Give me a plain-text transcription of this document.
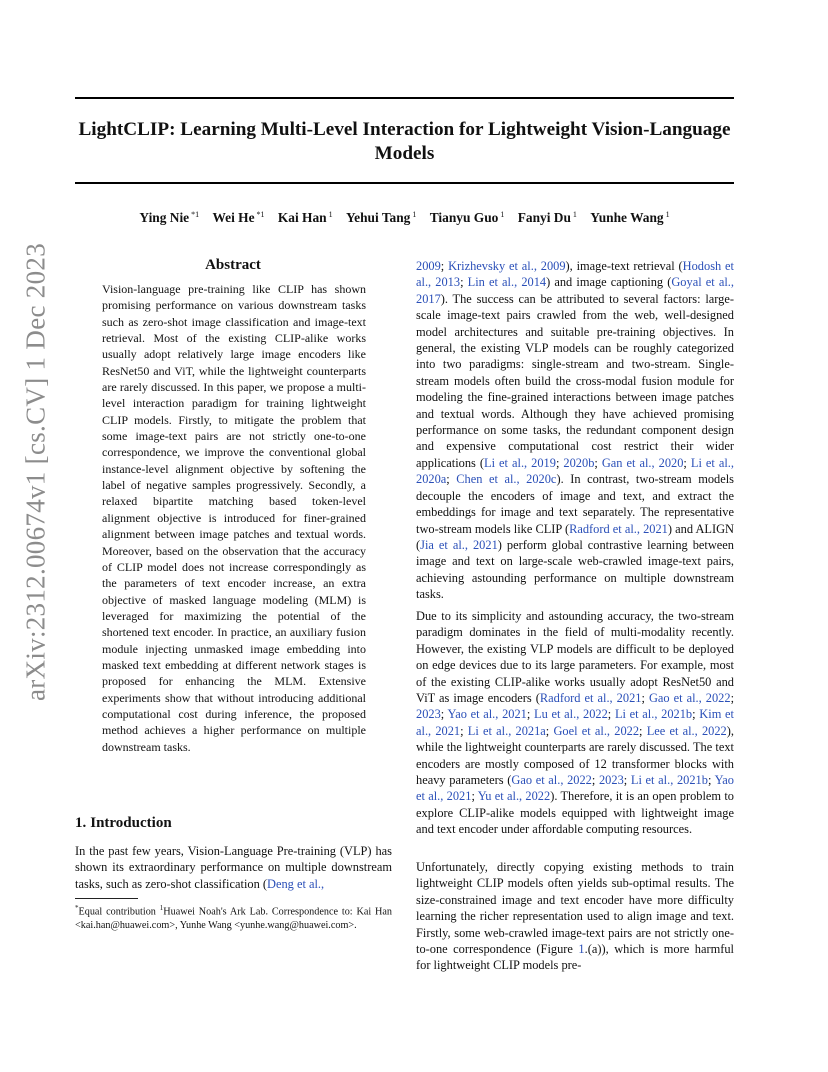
LightCLIP: Learning Multi-Level Interaction for Lightweight Vision-Language Models
Ying Nie $^{*1}$ Wei He $^{*1}$ Kai Han $^1$ Yehui Tang $^1$ Tianyu Guo $^1$ Fanyi Du $^1$ Yunhe Wang $^1$
arXiv:2312.00674v1 [cs.CV] 1 Dec 2023	Abstract

Vision-language pre-training like CLIP has shown promising performance on various downstream tasks such as zero-shot image classification and image-text retrieval. Most of the existing CLIP-alike works usually adopt relatively large image encoders like ResNet50 and ViT, while the lightweight counterparts are rarely discussed. In this paper, we propose a multi-level interaction paradigm for training lightweight CLIP models. Firstly, to mitigate the problem that some image-text pairs are not strictly one-to-one correspondence, we improve the conventional global instance-level alignment objective by softening the label of negative samples progressively. Secondly, a relaxed bipartite matching based token-level alignment objective is introduced for finer-grained alignment between image patches and textual words. Moreover, based on the observation that the accuracy of CLIP model does not increase correspondingly as the parameters of text encoder increase, an extra objective of masked language modeling (MLM) is leveraged for maximizing the potential of the shortened text encoder. In practice, an auxiliary fusion module injecting unmasked image embedding into masked text embedding at different network stages is proposed for enhancing the MLM. Extensive experiments show that without introducing additional computational cost during inference, the proposed method achieves a higher performance on multiple downstream tasks.

1. Introduction

In the past few years, Vision-Language Pre-training (VLP) has shown its extraordinary performance on multiple downstream tasks, such as zero-shot classification (Deng et al.,

*Equal contribution $^1$Huawei Noah's Ark Lab. Correspondence to: Kai Han <kai.han@huawei.com>, Yunhe Wang <yunhe.wang@huawei.com>.

2009; Krizhevsky et al., 2009), image-text retrieval (Hodosh et al., 2013; Lin et al., 2014) and image captioning (Goyal et al., 2017). The success can be attributed to several factors: large-scale image-text pairs crawled from the web, well-designed model architectures and suitable pre-training objectives. In general, the existing VLP models can be roughly categorized into two paradigms: single-stream and two-stream. Single-stream models often build the cross-modal fusion module for modeling the fine-grained interactions between image patches and textual words. Although they have achieved promising performance on some tasks, the redundant component design and expensive computational cost restrict their wider applications (Li et al., 2019; 2020b; Gan et al., 2020; Li et al., 2020a; Chen et al., 2020c). In contrast, two-stream models decouple the encoders of image and text, and extract the embeddings for image and text separately. The representative two-stream models like CLIP (Radford et al., 2021) and ALIGN (Jia et al., 2021) perform global contrastive learning between image and text on large-scale web-crawled image-text pairs, achieving astounding performance on multiple downstream tasks.

Due to its simplicity and astounding accuracy, the two-stream paradigm dominates in the field of multi-modality recently. However, the existing VLP models are difficult to be deployed on edge devices due to its large parameters. For example, most of the existing CLIP-alike works usually adopt ResNet50 and ViT as image encoders (Radford et al., 2021; Gao et al., 2022; 2023; Yao et al., 2021; Lu et al., 2022; Li et al., 2021b; Kim et al., 2021; Li et al., 2021a; Goel et al., 2022; Lee et al., 2022), while the lightweight counterparts are rarely discussed. The text encoders are mostly composed of 12 transformer blocks with heavy parameters (Gao et al., 2022; 2023; Li et al., 2021b; Yao et al., 2021; Yu et al., 2022). Therefore, it is an open problem to explore CLIP-alike models equipped with lightweight image and text encoder under affordable computing resources.

Unfortunately, directly copying existing methods to train lightweight CLIP models often yields sub-optimal results. The size-constrained image and text encoder have more difficulty learning the richer representation used to align image and text. Firstly, some web-crawled image-text pairs are not strictly one-to-one correspondence (Figure 1.(a)), which is more harmful for lightweight CLIP models pre-
